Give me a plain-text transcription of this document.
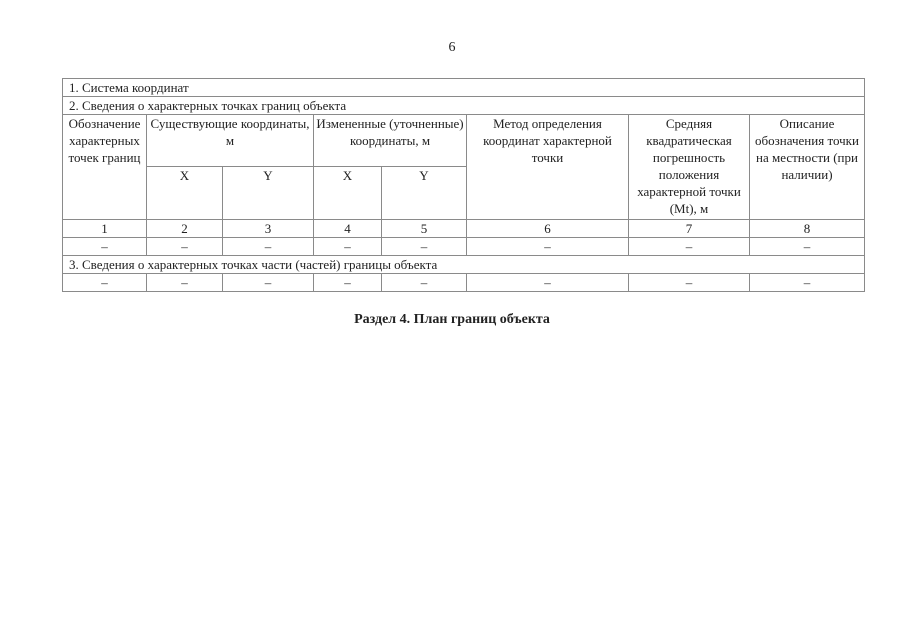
6
1. Система координат							
2. Сведения о характерных точках границ объекта							
Обозначение характерных точек границ	Существующие координаты, м		Измененные (уточненные) координаты, м		Метод определения координат характерной точки	Средняя квадратическая погрешность положения характерной точки (Mt), м	Описание обозначения точки на местности (при наличии)
	X	Y	X	Y			
1	2	3	4	5	6	7	8
–	–	–	–	–	–	–	–
3. Сведения о характерных точках части (частей) границы объекта							
–	–	–	–	–	–	–	–
Раздел 4. План границ объекта
